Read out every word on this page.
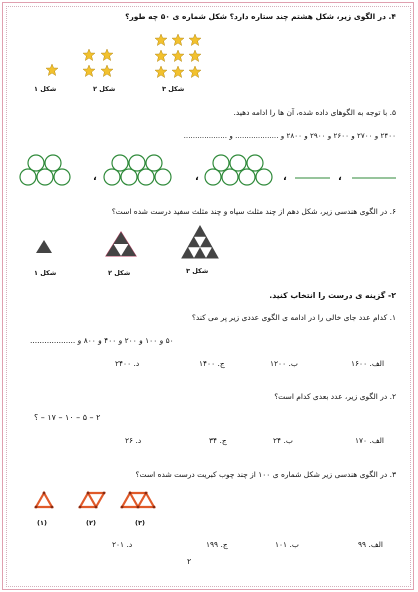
۴. در الگوی زیر، شکل هشتم چند ستاره دارد؟ شکل شماره ی ۵۰ چه طور؟
شکل ۱	شکل ۲	شکل ۳
۵. با توجه به الگوهای داده شده، آن ها را ادامه دهید.
۲۴۰۰ و ۲۷۰۰ و ۲۶۰۰ و ۲۹۰۰ و ۲۸۰۰ و ................... و ...................
،	،	،	،
۶. در الگوی هندسی زیر، شکل دهم از چند مثلث سیاه و چند مثلث سفید درست شده است؟
شکل ۱	شکل ۲	شکل ۳
۲- گزینه ی درست را انتخاب کنید.
۱. کدام عدد جای خالی را در ادامه ی الگوی عددی زیر پر می کند؟
۵۰ و ۱۰۰ و ۲۰۰ و ۴۰۰ و ۸۰۰ و ...................
الف. ۱۶۰۰
ب. ۱۲۰۰
ج. ۱۴۰۰
د. ۲۴۰۰
۲. در الگوی زیر، عدد بعدی کدام است؟
۲ – ۵ – ۱۰ – ۱۷ – ؟
الف. ۱۷۰
ب. ۲۴
ج. ۳۴
د. ۲۶
۳. در الگوی هندسی زیر شکل شماره ی ۱۰۰ از چند چوب کبریت درست شده است؟
(۱)	(۲)	(۳)
الف. ۹۹
ب. ۱۰۱
ج. ۱۹۹
د. ۲۰۱
۲
